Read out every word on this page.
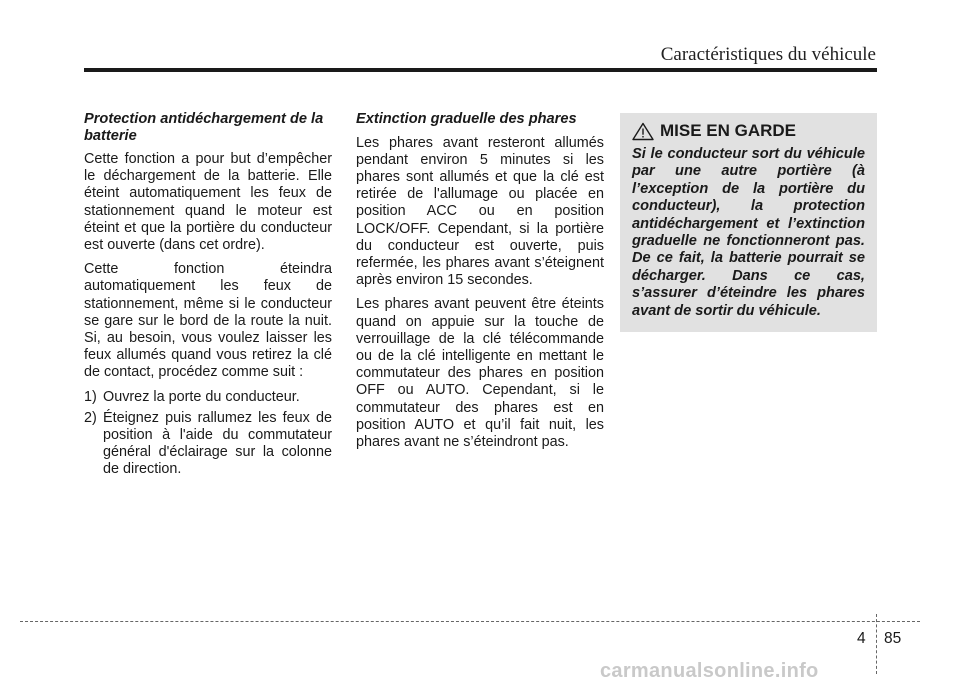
Caractéristiques du véhicule
Protection antidéchargement de la batterie
Cette fonction a pour but d’empêcher le déchargement de la batterie. Elle éteint automatiquement les feux de stationnement quand le moteur est éteint et que la portière du conducteur est ouverte (dans cet ordre).
Cette fonction éteindra automatiquement les feux de stationnement, même si le conducteur se gare sur le bord de la route la nuit. Si, au besoin, vous voulez laisser les feux allumés quand vous retirez la clé de contact, procédez comme suit :
1) Ouvrez la porte du conducteur.
2) Éteignez puis rallumez les feux de position à l'aide du commutateur général d'éclairage sur la colonne de direction.
Extinction graduelle des phares
Les phares avant resteront allumés pendant environ 5 minutes si les phares sont allumés et que la clé est retirée de l'allumage ou placée en position ACC ou en position LOCK/OFF. Cependant, si la portière du conducteur est ouverte, puis refermée, les phares avant s’éteignent après environ 15 secondes.
Les phares avant peuvent être éteints quand on appuie sur la touche de verrouillage de la clé télécommande ou de la clé intelligente en mettant le commutateur des phares en position OFF ou AUTO. Cependant, si le commutateur des phares est en position AUTO et qu’il fait nuit, les phares avant ne s’éteindront pas.
MISE EN GARDE
Si le conducteur sort du véhicule par une autre portière (à l’exception de la portière du conducteur), la protection antidéchargement et l’extinction graduelle ne fonctionneront pas. De ce fait, la batterie pourrait se décharger. Dans ce cas, s’assurer d’éteindre les phares avant de sortir du véhicule.
4 85
carmanualsonline.info
